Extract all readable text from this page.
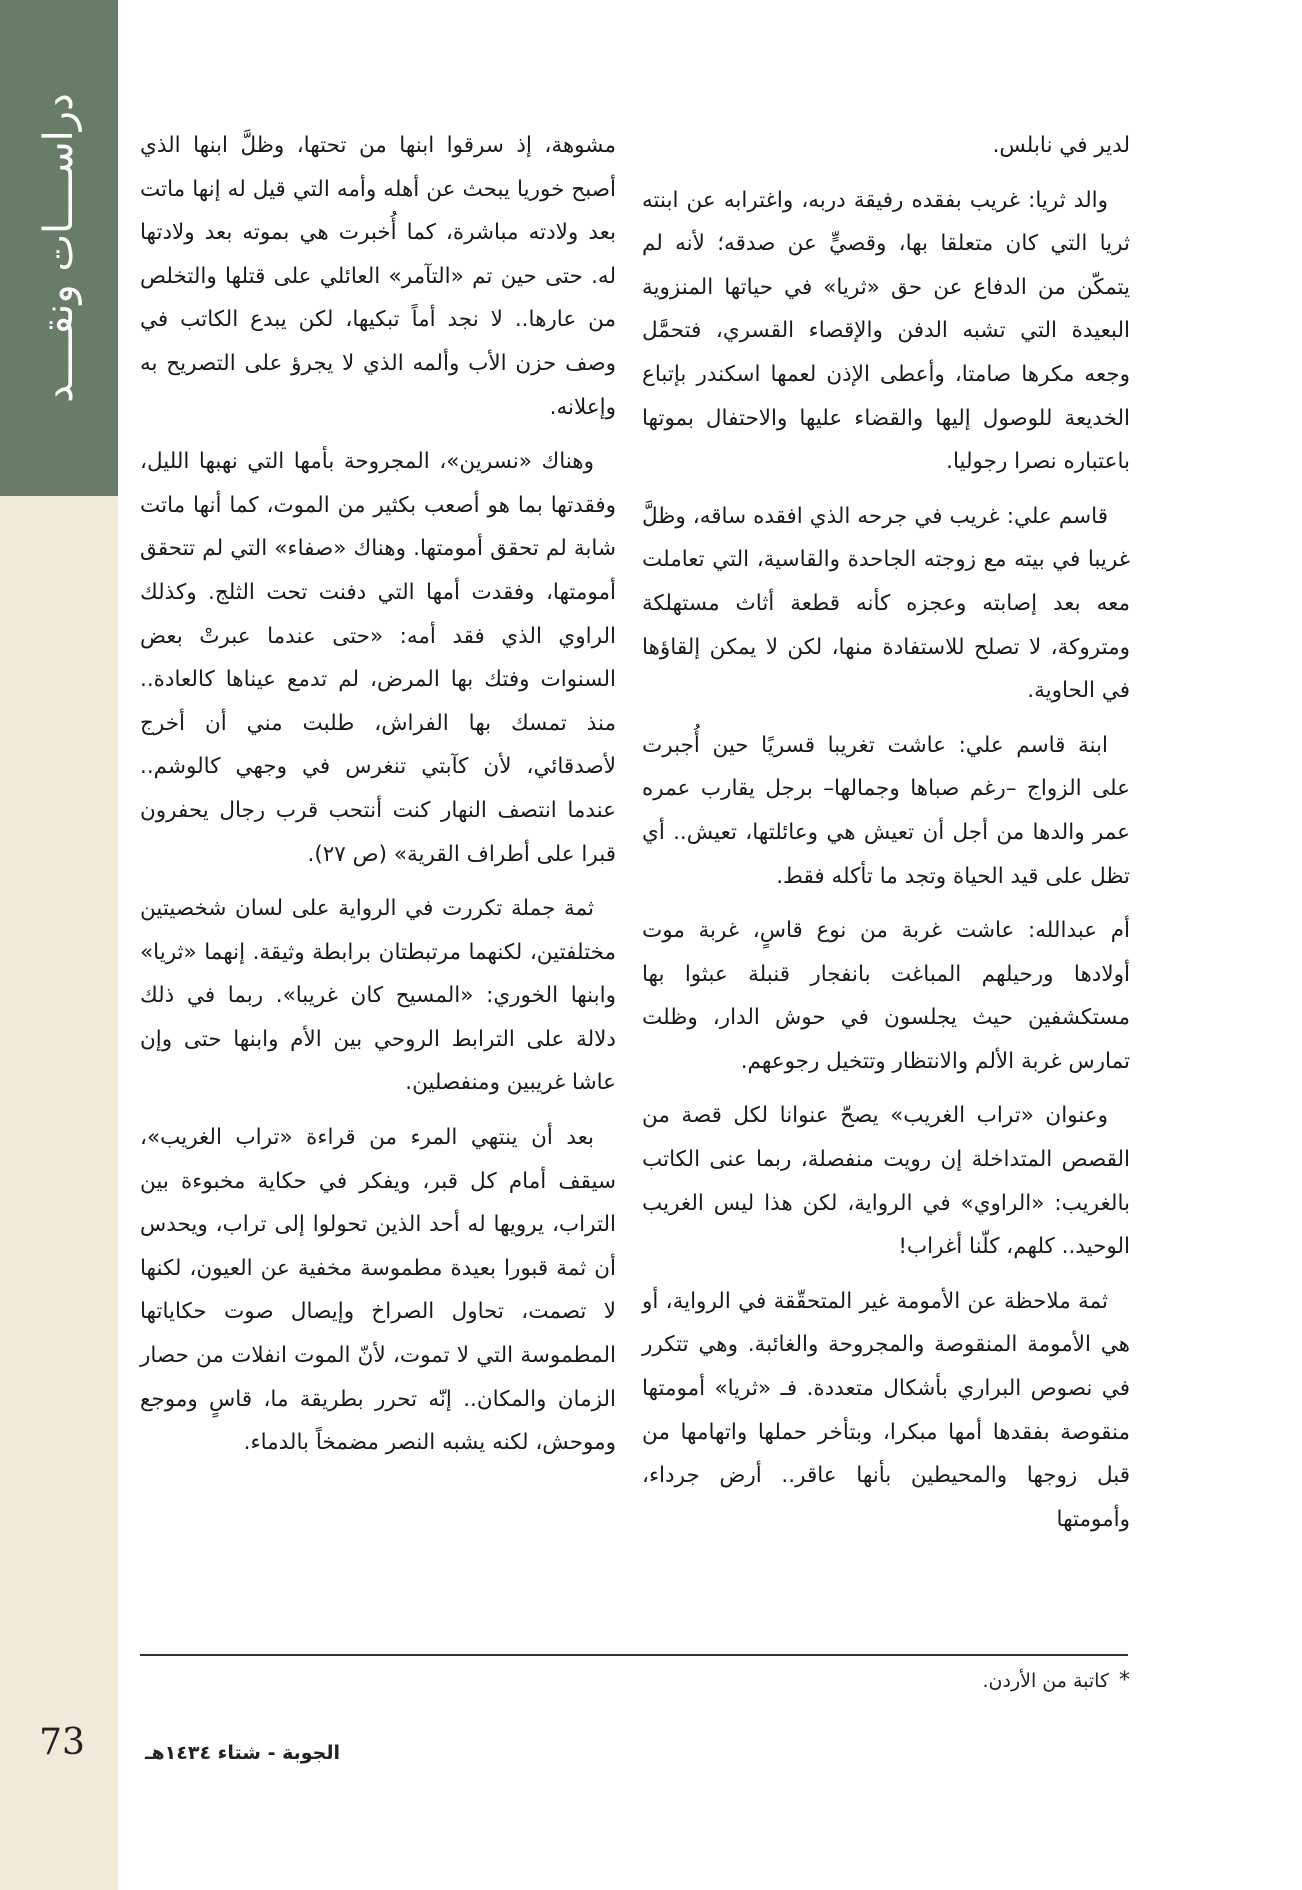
دراســــات ونقــــد
73	الجوبة - شتاء ١٤٣٤هـ

لدير في نابلس.

والد ثريا: غريب بفقده رفيقة دربه، واغترابه عن ابنته ثريا التي كان متعلقا بها، وقصيٍّ عن صدقه؛ لأنه لم يتمكّن من الدفاع عن حق «ثريا» في حياتها المنزوية البعيدة التي تشبه الدفن والإقصاء القسري، فتحمَّل وجعه مكرها صامتا، وأعطى الإذن لعمها اسكندر بإتباع الخديعة للوصول إليها والقضاء عليها والاحتفال بموتها باعتباره نصرا رجوليا.

قاسم علي: غريب في جرحه الذي افقده ساقه، وظلَّ غريبا في بيته مع زوجته الجاحدة والقاسية، التي تعاملت معه بعد إصابته وعجزه كأنه قطعة أثاث مستهلكة ومتروكة، لا تصلح للاستفادة منها، لكن لا يمكن إلقاؤها في الحاوية.

ابنة قاسم علي: عاشت تغريبا قسريًا حين أُجبرت على الزواج –رغم صباها وجمالها– برجل يقارب عمره عمر والدها من أجل أن تعيش هي وعائلتها، تعيش.. أي تظل على قيد الحياة وتجد ما تأكله فقط.

أم عبدالله: عاشت غربة من نوع قاسٍ، غربة موت أولادها ورحيلهم المباغت بانفجار قنبلة عبثوا بها مستكشفين حيث يجلسون في حوش الدار، وظلت تمارس غربة الألم والانتظار وتتخيل رجوعهم.

وعنوان «تراب الغريب» يصحّ عنوانا لكل قصة من القصص المتداخلة إن رويت منفصلة، ربما عنى الكاتب بالغريب: «الراوي» في الرواية، لكن هذا ليس الغريب الوحيد.. كلهم، كلّنا أغراب!

ثمة ملاحظة عن الأمومة غير المتحقّقة في الرواية، أو هي الأمومة المنقوصة والمجروحة والغائبة. وهي تتكرر في نصوص البراري بأشكال متعددة. فـ «ثريا» أمومتها منقوصة بفقدها أمها مبكرا، وبتأخر حملها واتهامها من قبل زوجها والمحيطين بأنها عاقر.. أرض جرداء، وأمومتها

مشوهة، إذ سرقوا ابنها من تحتها، وظلَّ ابنها الذي أصبح خوريا يبحث عن أهله وأمه التي قيل له إنها ماتت بعد ولادته مباشرة، كما أُخبرت هي بموته بعد ولادتها له. حتى حين تم «التآمر» العائلي على قتلها والتخلص من عارها.. لا نجد أماً تبكيها، لكن يبدع الكاتب في وصف حزن الأب وألمه الذي لا يجرؤ على التصريح به وإعلانه.

وهناك «نسرين»، المجروحة بأمها التي نهبها الليل، وفقدتها بما هو أصعب بكثير من الموت، كما أنها ماتت شابة لم تحقق أمومتها. وهناك «صفاء» التي لم تتحقق أمومتها، وفقدت أمها التي دفنت تحت الثلج. وكذلك الراوي الذي فقد أمه: «حتى عندما عبرتْ بعض السنوات وفتك بها المرض، لم تدمع عيناها كالعادة.. منذ تمسك بها الفراش، طلبت مني أن أخرج لأصدقائي، لأن كآبتي تنغرس في وجهي كالوشم.. عندما انتصف النهار كنت أنتحب قرب رجال يحفرون قبرا على أطراف القرية» (ص ٢٧).

ثمة جملة تكررت في الرواية على لسان شخصيتين مختلفتين، لكنهما مرتبطتان برابطة وثيقة. إنهما «ثريا» وابنها الخوري: «المسيح كان غريبا». ربما في ذلك دلالة على الترابط الروحي بين الأم وابنها حتى وإن عاشا غريبين ومنفصلين.

بعد أن ينتهي المرء من قراءة «تراب الغريب»، سيقف أمام كل قبر، ويفكر في حكاية مخبوءة بين التراب، يرويها له أحد الذين تحولوا إلى تراب، ويحدس أن ثمة قبورا بعيدة مطموسة مخفية عن العيون، لكنها لا تصمت، تحاول الصراخ وإيصال صوت حكاياتها المطموسة التي لا تموت، لأنّ الموت انفلات من حصار الزمان والمكان.. إنّه تحرر بطريقة ما، قاسٍ وموجع وموحش، لكنه يشبه النصر مضمخاً بالدماء.

*كاتبة من الأردن.
